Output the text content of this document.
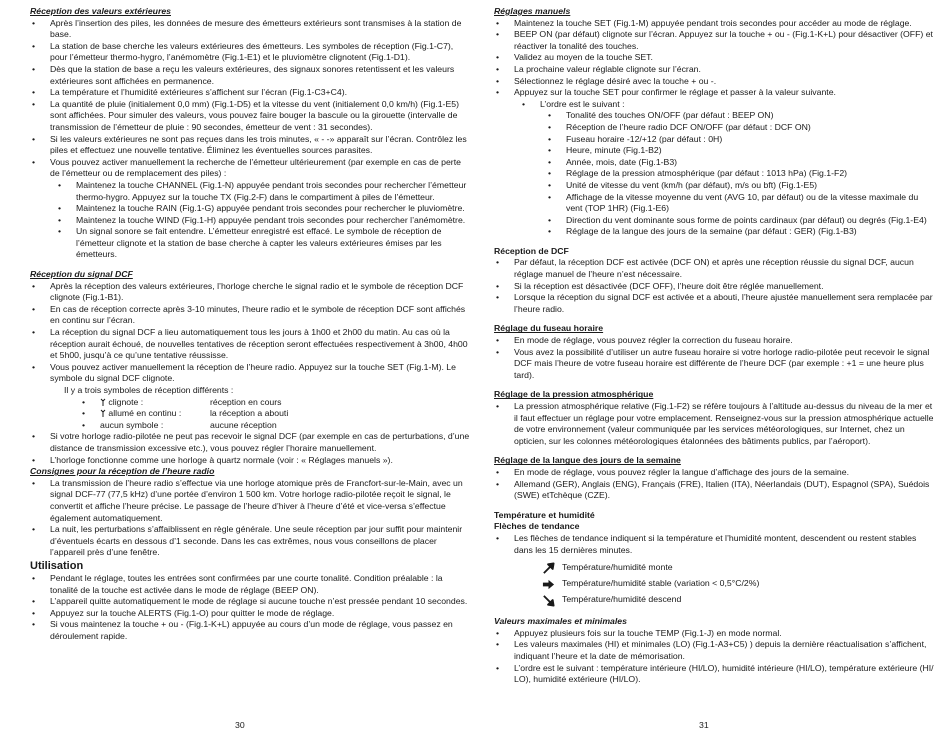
Réception des valeurs extérieures

• Après l’insertion des piles, les données de mesure des émetteurs extérieurs sont transmises à la station de base.
• La station de base cherche les valeurs extérieures des émetteurs. Les symboles de réception (Fig.1-C7), pour l’émetteur thermo-hygro, l’anémomètre (Fig.1-E1) et le pluviomètre clignotent (Fig.1-D1).
• Dès que la station de base a reçu les valeurs extérieures, des signaux sonores retentissent et les valeurs extérieures sont affichées en permanence.
• La température et l’humidité extérieures s’affichent sur l’écran (Fig.1-C3+C4).
• La quantité de pluie (initialement 0,0 mm) (Fig.1-D5) et la vitesse du vent (initialement 0,0 km/h) (Fig.1-E5) sont affichées. Pour simuler des valeurs, vous pouvez faire bouger la bascule ou la girouette (intervalle de transmission de l’émetteur de pluie : 90 secondes, émetteur de vent : 31 secondes).
• Si les valeurs extérieures ne sont pas reçues dans les trois minutes, « - -» apparaît sur l’écran. Contrôlez les piles et effectuez une nouvelle tentative. Éliminez les éventuelles sources parasites.
• Vous pouvez activer manuellement la recherche de l’émetteur ultérieurement (par exemple en cas de perte de l’émetteur ou de remplacement des piles) :
• Maintenez la touche CHANNEL (Fig.1-N) appuyée pendant trois secondes pour rechercher l’émetteur thermo-hygro. Appuyez sur la touche TX (Fig.2-F) dans le compartiment à piles de l’émetteur.
• Maintenez la touche RAIN (Fig.1-G) appuyée pendant trois secondes pour rechercher le pluviomètre.
• Maintenez la touche WIND (Fig.1-H) appuyée pendant trois secondes pour rechercher l’anémomètre.
• Un signal sonore se fait entendre. L’émetteur enregistré est effacé. Le symbole de réception de l’émetteur clignote et la station de base cherche à capter les valeurs extérieures émises par les émetteurs.

Réception du signal DCF

• Après la réception des valeurs extérieures, l’horloge cherche le signal radio et le symbole de réception DCF clignote (Fig.1-B1).
• En cas de réception correcte après 3-10 minutes, l’heure radio et le symbole de réception DCF sont affichés en continu sur l’écran.
• La réception du signal DCF a lieu automatiquement tous les jours à 1h00 et 2h00 du matin. Au cas où la réception aurait échoué, de nouvelles tentatives de réception seront effectuées respectivement à 3h00, 4h00 et 5h00, jusqu’à ce qu’une tentative réussisse.
• Vous pouvez activer manuellement la réception de l’heure radio. Appuyez sur la touche SET (Fig.1-M). Le symbole du signal DCF clignote.
Il y a trois symboles de réception différents :
•  clignote :	réception en cours
•  allumé en continu :	la réception a abouti
• aucun symbole :	aucune réception
• Si votre horloge radio-pilotée ne peut pas recevoir le signal DCF (par exemple en cas de perturbations, d’une distance de transmission excessive etc.), vous pouvez régler l’horaire manuellement.
• L’horloge fonctionne comme une horloge à quartz normale (voir : « Réglages manuels »).

Consignes pour la réception de l’heure radio

• La transmission de l’heure radio s’effectue via une horloge atomique près de Francfort-sur-le-Main, avec un signal DCF-77 (77,5 kHz) d’une portée d’environ 1 500 km. Votre horloge radio-pilotée reçoit le signal, le convertit et affiche l’heure précise. Le passage de l’heure d’hiver à l’heure d’été et vice-versa s’effectue également automatiquement.
• La nuit, les perturbations s’affaiblissent en règle générale. Une seule réception par jour suffit pour maintenir d’éventuels écarts en dessous d’1 seconde. Dans les cas extrêmes, nous vous conseillons de placer l’appareil près d’une fenêtre.

Utilisation

• Pendant le réglage, toutes les entrées sont confirmées par une courte tonalité. Condition préalable : la tonalité de la touche est activée dans le mode de réglage (BEEP ON).
• L’appareil quitte automatiquement le mode de réglage si aucune touche n’est pressée pendant 10 secondes.
• Appuyez sur la touche ALERTS (Fig.1-O) pour quitter le mode de réglage.
• Si vous maintenez la touche + ou - (Fig.1-K+L) appuyée au cours d’un mode de réglage, vous passez en déroulement rapide.
30

Réglages manuels

• Maintenez la touche SET (Fig.1-M) appuyée pendant trois secondes pour accéder au mode de réglage.
• BEEP ON (par défaut) clignote sur l’écran. Appuyez sur la touche + ou - (Fig.1-K+L) pour désactiver (OFF) et réactiver la tonalité des touches.
• Validez au moyen de la touche SET.
• La prochaine valeur réglable clignote sur l’écran.
• Sélectionnez le réglage désiré avec la touche + ou -.
• Appuyez sur la touche SET pour confirmer le réglage et passer à la valeur suivante.
• L’ordre est le suivant :
• Tonalité des touches ON/OFF (par défaut : BEEP ON)
• Réception de l’heure radio DCF ON/OFF (par défaut : DCF ON)
• Fuseau horaire -12/+12 (par défaut : 0H)
• Heure, minute (Fig.1-B2)
• Année, mois, date (Fig.1-B3)
• Réglage de la pression atmosphérique (par défaut : 1013 hPa) (Fig.1-F2)
• Unité de vitesse du vent (km/h (par défaut), m/s ou bft) (Fig.1-E5)
• Affichage de la vitesse moyenne du vent (AVG 10, par défaut) ou de la vitesse maximale du vent (TOP 1HR) (Fig.1-E6)
• Direction du vent dominante sous forme de points cardinaux (par défaut) ou degrés (Fig.1-E4)
• Réglage de la langue des jours de la semaine (par défaut : GER) (Fig.1-B3)

Réception de DCF

• Par défaut, la réception DCF est activée (DCF ON) et après une réception réussie du signal DCF, aucun réglage manuel de l’heure n’est nécessaire.
• Si la réception est désactivée (DCF OFF), l’heure doit être réglée manuellement.
• Lorsque la réception du signal DCF est activée et a abouti, l’heure ajustée manuellement sera remplacée par l’heure radio.

Réglage du fuseau horaire

• En mode de réglage, vous pouvez régler la correction du fuseau horaire.
• Vous avez la possibilité d’utiliser un autre fuseau horaire si votre horloge radio-pilotée peut recevoir le signal DCF mais l’heure de votre fuseau horaire est différente de l’heure DCF (par exemple : +1 = une heure plus tard).

Réglage de la pression atmosphérique

• La pression atmosphérique relative (Fig.1-F2) se réfère toujours à l’altitude au-dessus du niveau de la mer et il faut effectuer un réglage pour votre emplacement. Renseignez-vous sur la pression atmosphérique actuelle de votre environnement (valeur communiquée par les services météorologiques, sur Internet, chez un opticien, sur les colonnes météorologiques étalonnées des bâtiments publics, par l’aéroport).

Réglage de la langue des jours de la semaine

• En mode de réglage, vous pouvez régler la langue d’affichage des jours de la semaine.
• Allemand (GER), Anglais (ENG), Français (FRE), Italien (ITA), Néerlandais (DUT), Espagnol (SPA), Suédois (SWE) etTchèque (CZE).

Température et humidité

Flèches de tendance

• Les flèches de tendance indiquent si la température et l’humidité montent, descendent ou restent stables dans les 15 dernières minutes.
Température/humidité monte
Température/humidité stable (variation < 0,5°C/2%)
Température/humidité descend

Valeurs maximales et minimales

• Appuyez plusieurs fois sur la touche TEMP (Fig.1-J) en mode normal.
• Les valeurs maximales (HI) et minimales (LO) (Fig.1-A3+C5) ) depuis la dernière réactualisation s’affichent, indiquant l’heure et la date de mémorisation.
• L’ordre est le suivant : température intérieure (HI/LO), humidité intérieure (HI/LO), température extérieure (HI/ LO), humidité extérieure (HI/LO).
31
